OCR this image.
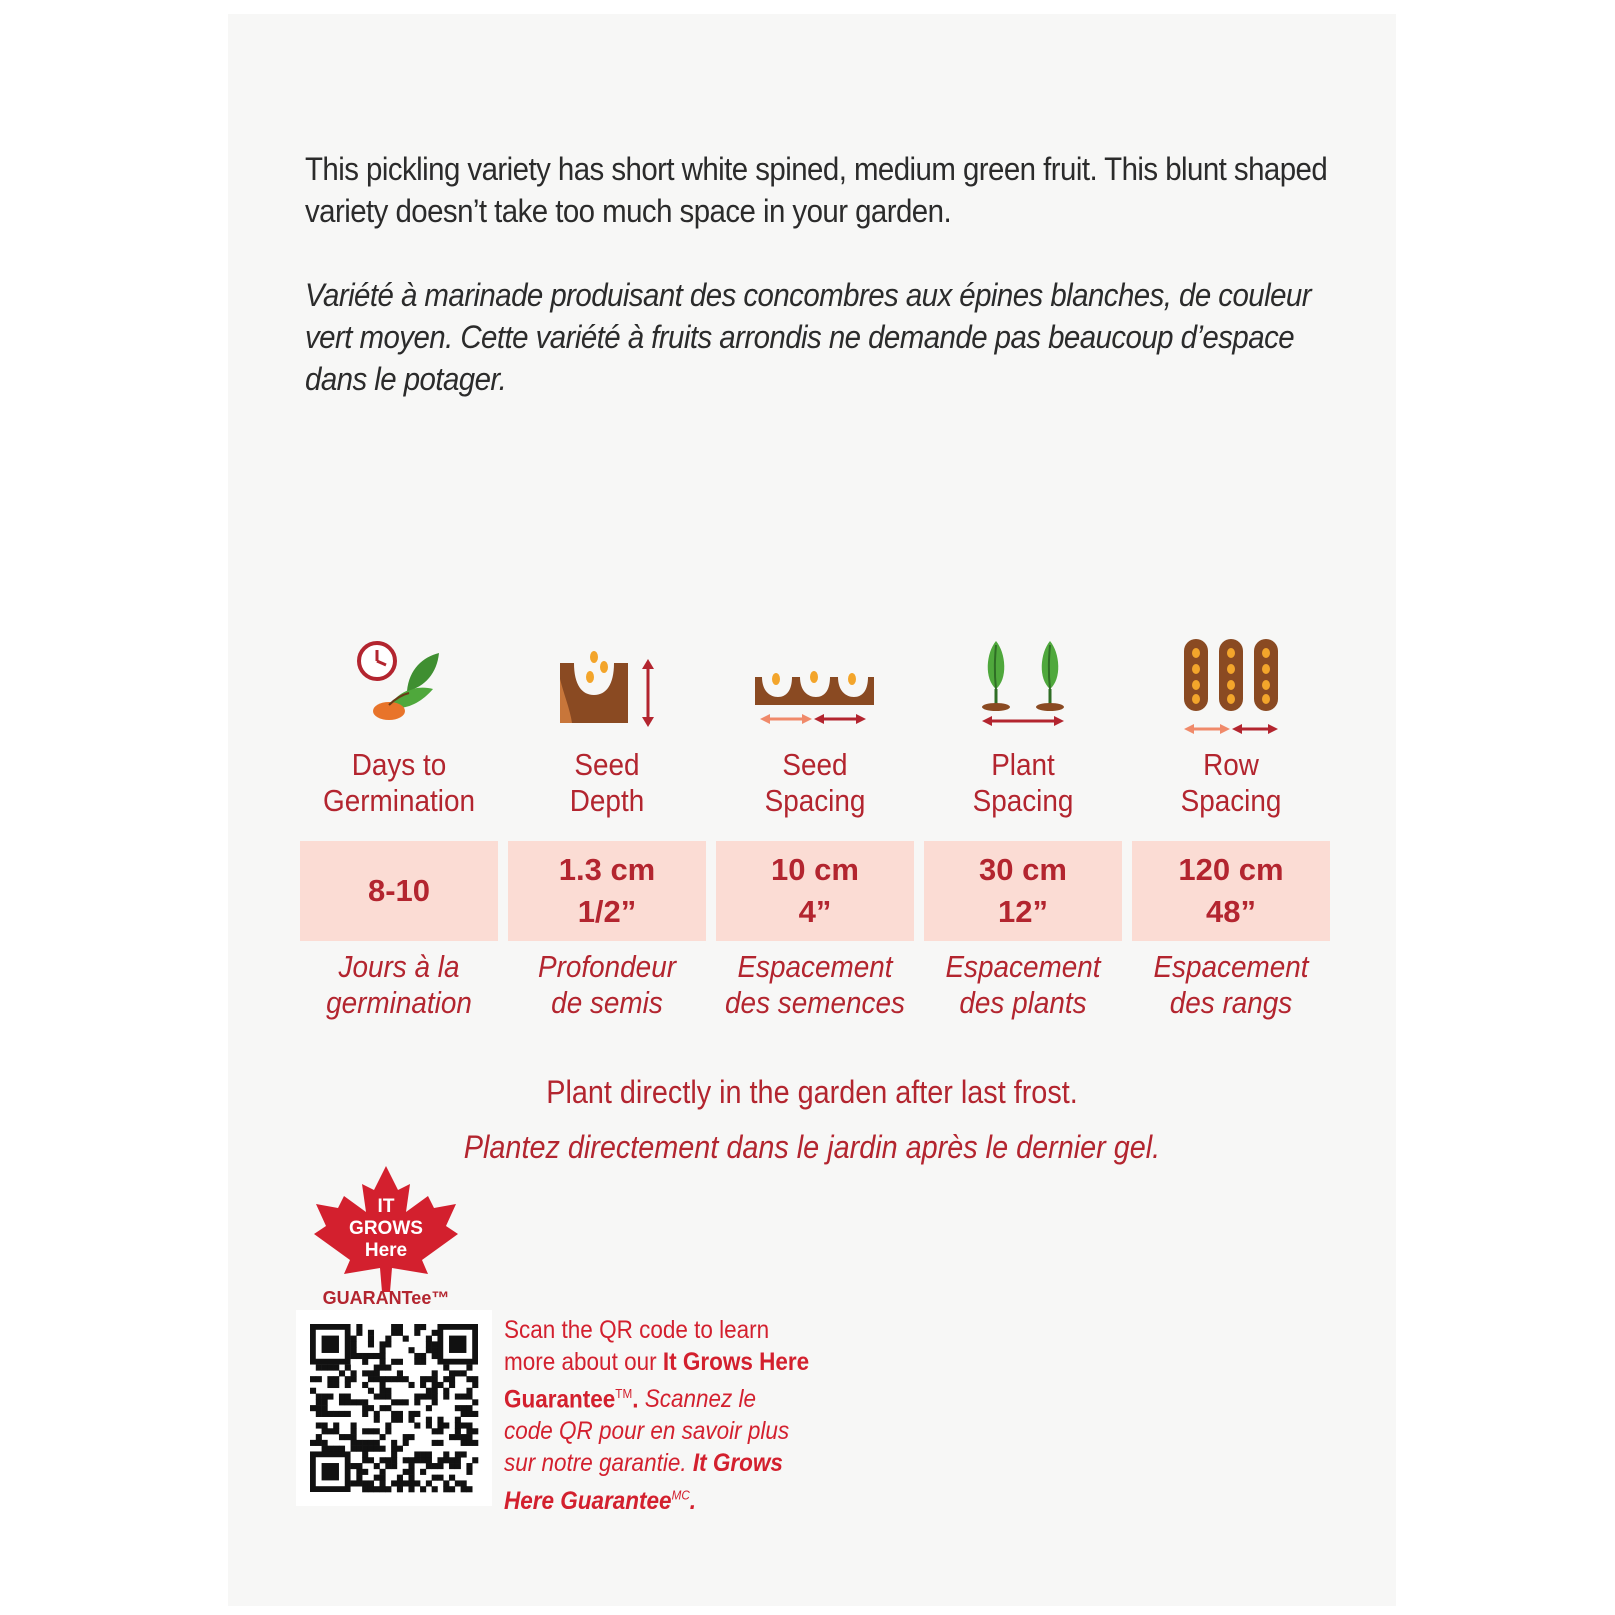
This pickling variety has short white spined, medium green fruit. This blunt shaped variety doesn’t take too much space in your garden.

Variété à marinade produisant des concombres aux épines blanches, de couleur vert moyen. Cette variété à fruits arrondis ne demande pas beaucoup d’espace dans le potager.

Days to
Germination
8-10
Jours à la
germination
Seed
Depth
1.3 cm
1/2”
Profondeur
de semis
Seed
Spacing
10 cm
4”
Espacement
des semences
Plant
Spacing
30 cm
12”
Espacement
des plants
Row
Spacing
120 cm
48”
Espacement
des rangs
Plant directly in the garden after last frost.
Plantez directement dans le jardin après le dernier gel.
IT
GROWS
Here
GUARANTee™
Scan the QR code to learn more about our It Grows Here Guarantee™. Scannez le code QR pour en savoir plus sur notre garantie. It Grows Here Guarantee$^{MC}$.
